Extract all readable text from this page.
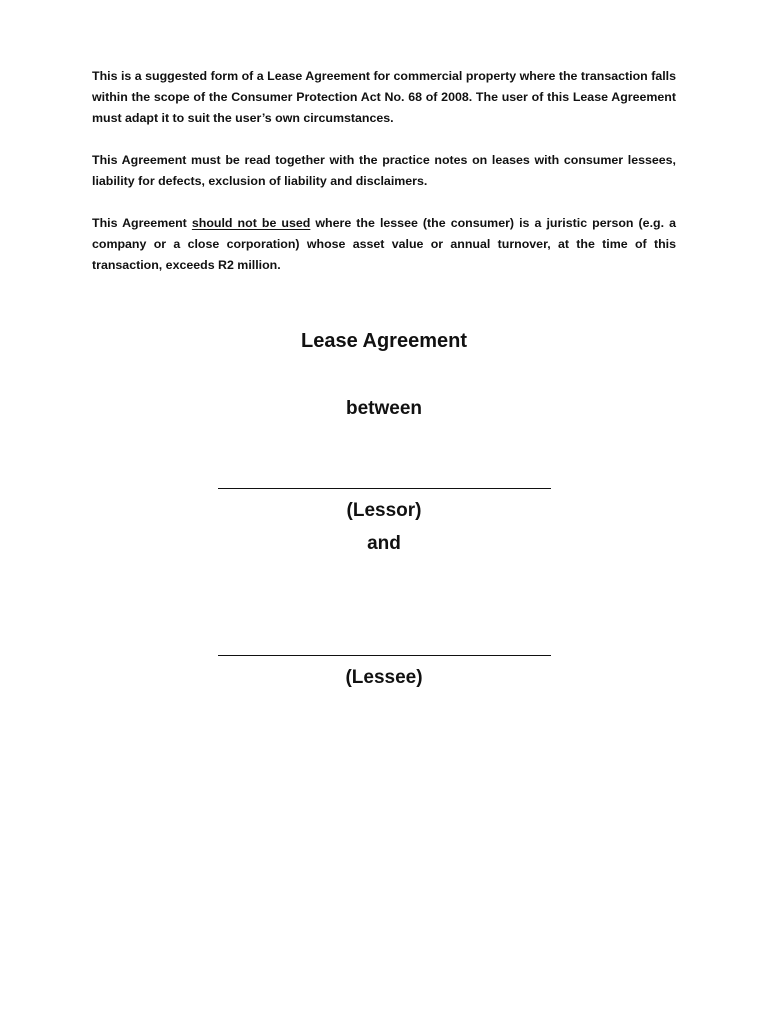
This is a suggested form of a Lease Agreement for commercial property where the transaction falls within the scope of the Consumer Protection Act No. 68 of 2008. The user of this Lease Agreement must adapt it to suit the user’s own circumstances.

This Agreement must be read together with the practice notes on leases with consumer lessees, liability for defects, exclusion of liability and disclaimers.

This Agreement should not be used where the lessee (the consumer) is a juristic person (e.g. a company or a close corporation) whose asset value or annual turnover, at the time of this transaction, exceeds R2 million.

Lease Agreement

between

(Lessor)

and

(Lessee)
